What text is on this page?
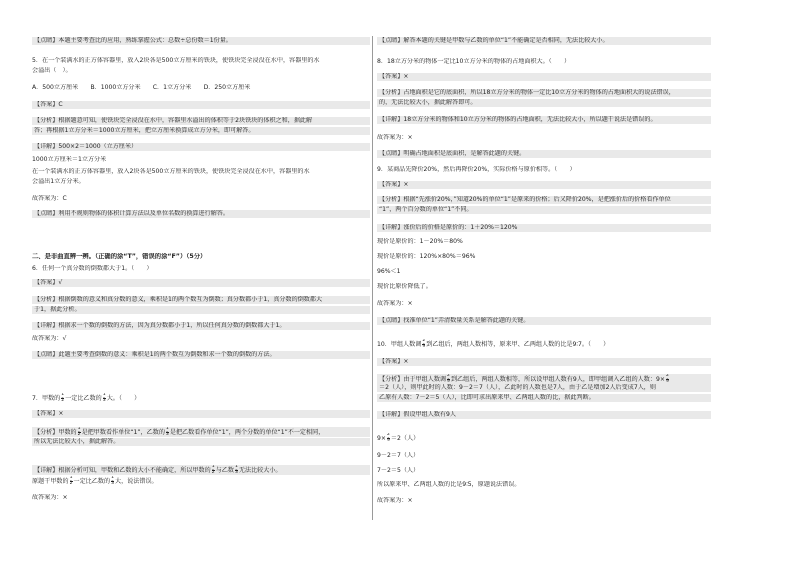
【点睛】本题主要考查比的应用，熟练掌握公式：总数÷总份数＝1份量。
5．在一个装满水的正方体容器里，放入2块各是500立方厘米的铁块，使铁块完全浸没在水中，容器里的水
会溢出（　）。
A．500立方厘米　　B．1000立方分米　　C．1立方分米　　D．250立方厘米
【答案】C
【分析】根据题意可知，使铁块完全浸没在水中，容器里水溢出的体积等于2块铁块的体积之和，据此解
答；再根据1立方分米＝1000立方厘米，把立方厘米换算成立方分米，即可解答。
【详解】500×2＝1000（立方厘米）
1000立方厘米＝1立方分米
在一个装满水的正方体容器里，放入2块各是500立方厘米的铁块，使铁块完全浸没在水中，容器里的水
会溢出1立方分米。
故答案为：C
【点睛】利用不规则物体的体积计算方法以及单位名数的换算进行解答。
二、是非曲直辨一辨。（正确的涂“T”，错误的涂“F”）（5分）
6．任何一个真分数的倒数都大于1。（　　）
【答案】√
【分析】根据倒数的意义和真分数的意义，乘积是1的两个数互为倒数；真分数都小于1，真分数的倒数都大
于1，据此分析。
【详解】根据求一个数的倒数的方法，因为真分数都小于1，所以任何真分数的倒数都大于1。
故答案为：√
【点睛】此题主要考查倒数的意义：乘积是1的两个数互为倒数和求一个数的倒数的方法。
7．甲数的 $\frac{1}{2}$ 一定比乙数的 $\frac{1}{3}$ 大。（　　）
【答案】×
【分析】甲数的 $\frac{1}{2}$ 是把甲数看作单位“1”，乙数的 $\frac{1}{3}$ 是把乙数看作单位“1”，两个分数的单位“1”不一定相同，
所以无法比较大小，据此解答。
【详解】根据分析可知，甲数和乙数的大小不能确定，所以甲数的 $\frac{1}{2}$ 与乙数 $\frac{1}{3}$ 无法比较大小。
原题干甲数的 $\frac{1}{2}$ 一定比乙数的 $\frac{1}{3}$ 大，说法错误。
故答案为：×
【点睛】解答本题的关键是甲数与乙数的单位“1”不能确定是否相同，无法比较大小。
8．18立方分米的物体一定比10立方分米的物体的占地面积大。（　　）
【答案】×
【分析】占地面积是它的底面积，所以18立方分米的物体一定比10立方分米的物体的占地面积大的说法错误，
的，无法比较大小，据此解答即可。
【详解】18立方分米的物体和10立方分米的物体的占地面积，无法比较大小，所以题干说法是错误的。
故答案为：×
【点睛】明确占地面积是底面积，是解答此题的关键。
9．某商品先降价20%，然后再降价20%，实际价格与原价相等。（　　）
【答案】×
【分析】根据“先涨价20%，”知道20%的单位“1”是原来的价格；后又降价20%，是把涨价后的价格看作单位
“1”，两个百分数的单位“1”不同。
【详解】涨价后的价格是原价的：1＋20%＝120%
现价是原价的：1－20%＝80%
现价是原价的：120%×80%＝96%
96%＜1
现价比原价降低了。
故答案为：×
【点睛】找准单位“1”弄清数量关系是解答此题的关键。
10．甲组人数调 $\frac{2}{9}$ 到乙组后，两组人数相等，原来甲、乙两组人数的比是9∶7。（　　）
【答案】×
【分析】由于甲组人数调 $\frac{2}{9}$ 到乙组后，两组人数相等，所以设甲组人数有9人，即甲组调入乙组的人数：$9\times \frac{2}{9}$
＝2（人），则甲此时的人数：9－2＝7（人），乙此时的人数也是7人，由于乙是增加2人后变成7人，则
乙原有人数：7－2＝5（人），比即可求出原来甲、乙两组人数的比，据此判断。
【详解】假设甲组人数有9人
$9\times \frac{2}{9} =2$（人）
9－2＝7（人）
7－2＝5（人）
所以原来甲、乙两组人数的比是9∶5，原题说法错误。
故答案为：×
